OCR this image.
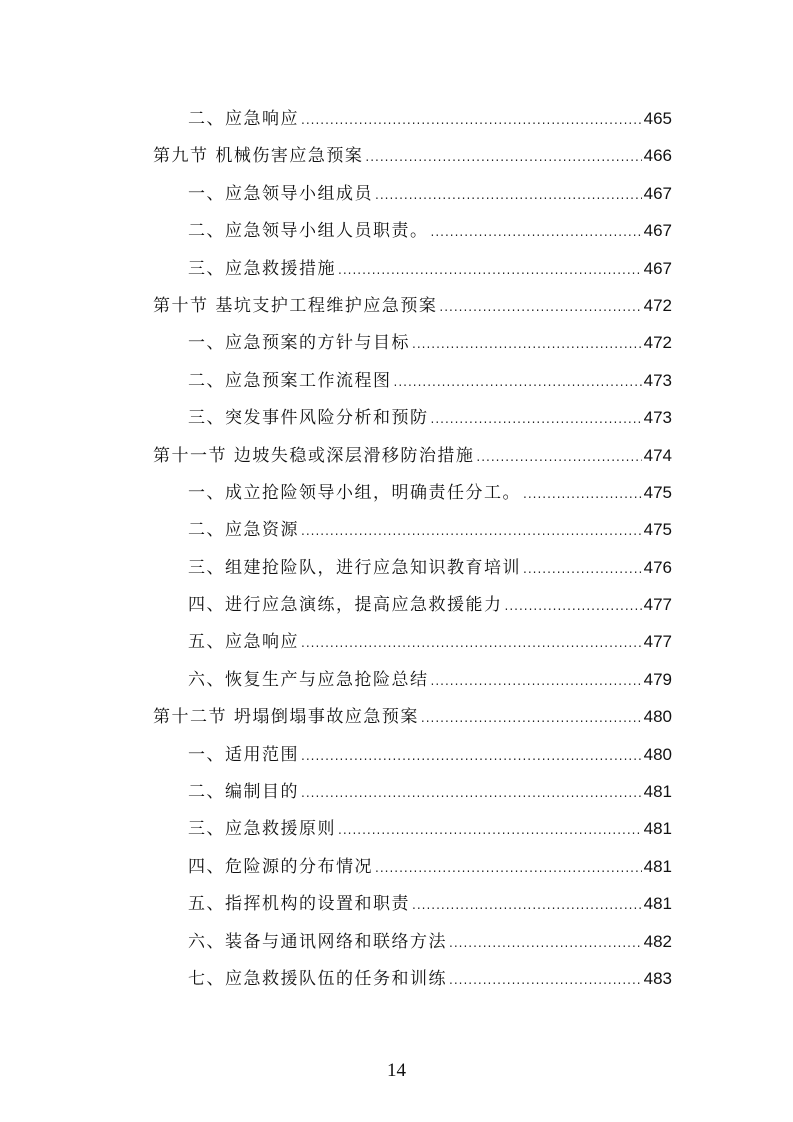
二、应急响应 .....	465
第九节 机械伤害应急预案 .....	466
一、应急领导小组成员 .....	467
二、应急领导小组人员职责。 .....	467
三、应急救援措施 .....	467
第十节 基坑支护工程维护应急预案 .....	472
一、应急预案的方针与目标 .....	472
二、应急预案工作流程图 .....	473
三、突发事件风险分析和预防 .....	473
第十一节 边坡失稳或深层滑移防治措施 .....	474
一、成立抢险领导小组，明确责任分工。 .....	475
二、应急资源 .....	475
三、组建抢险队，进行应急知识教育培训 .....	476
四、进行应急演练，提高应急救援能力 .....	477
五、应急响应 .....	477
六、恢复生产与应急抢险总结 .....	479
第十二节 坍塌倒塌事故应急预案 .....	480
一、适用范围 .....	480
二、编制目的 .....	481
三、应急救援原则 .....	481
四、危险源的分布情况 .....	481
五、指挥机构的设置和职责 .....	481
六、装备与通讯网络和联络方法 .....	482
七、应急救援队伍的任务和训练 .....	483
14
